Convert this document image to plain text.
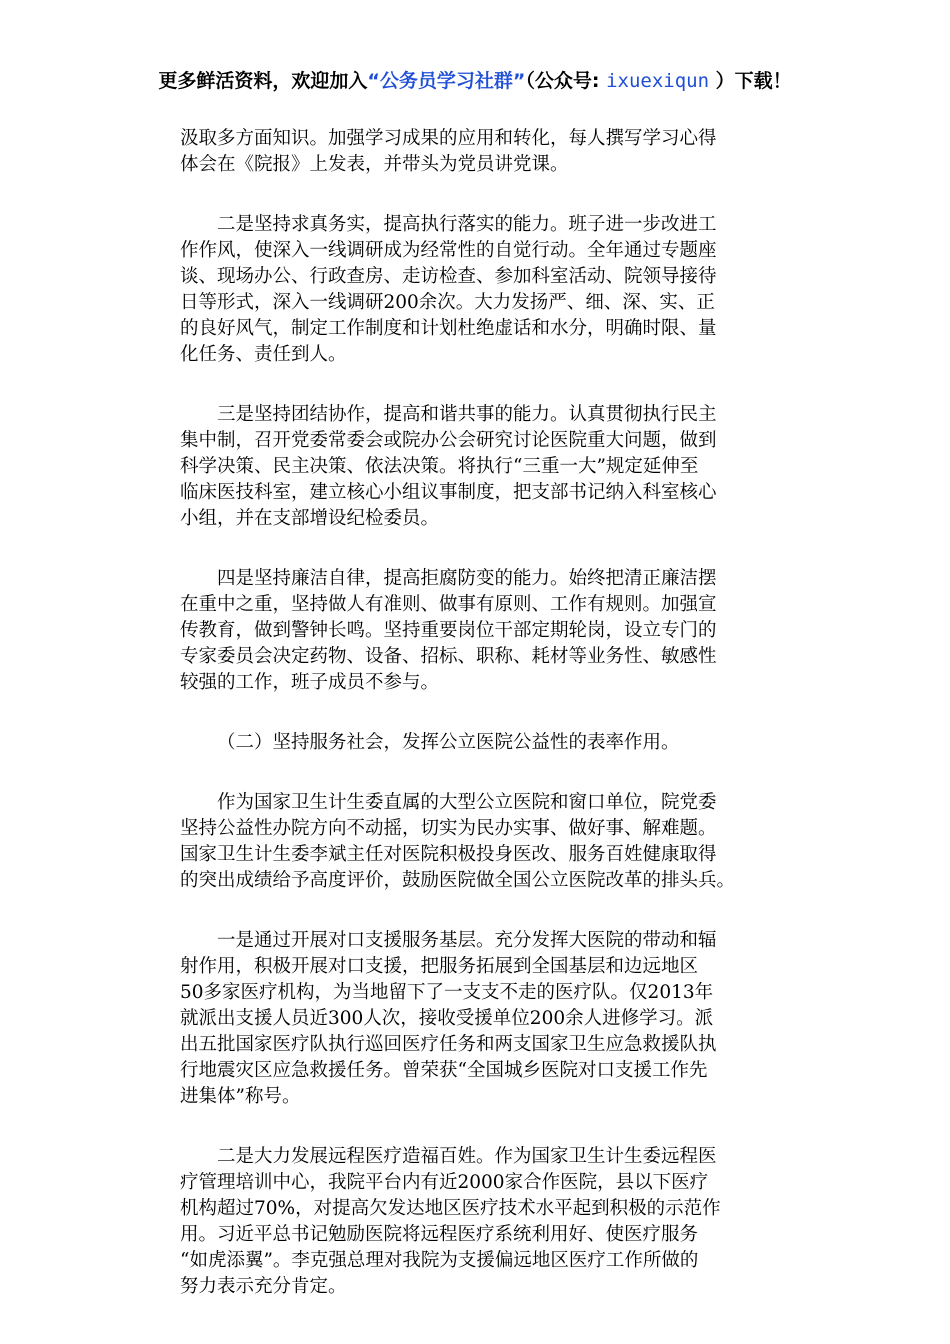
更多鲜活资料，欢迎加入“公务员学习社群”（公众号: ixuexiqun ）下载！

汲取多方面知识。加强学习成果的应用和转化，每人撰写学习心得
体会在《院报》上发表，并带头为党员讲党课。

二是坚持求真务实，提高执行落实的能力。班子进一步改进工
作作风，使深入一线调研成为经常性的自觉行动。全年通过专题座
谈、现场办公、行政查房、走访检查、参加科室活动、院领导接待
日等形式，深入一线调研200余次。大力发扬严、细、深、实、正
的良好风气，制定工作制度和计划杜绝虚话和水分，明确时限、量
化任务、责任到人。

三是坚持团结协作，提高和谐共事的能力。认真贯彻执行民主
集中制，召开党委常委会或院办公会研究讨论医院重大问题，做到
科学决策、民主决策、依法决策。将执行“三重一大”规定延伸至
临床医技科室，建立核心小组议事制度，把支部书记纳入科室核心
小组，并在支部增设纪检委员。

四是坚持廉洁自律，提高拒腐防变的能力。始终把清正廉洁摆
在重中之重，坚持做人有准则、做事有原则、工作有规则。加强宣
传教育，做到警钟长鸣。坚持重要岗位干部定期轮岗，设立专门的
专家委员会决定药物、设备、招标、职称、耗材等业务性、敏感性
较强的工作，班子成员不参与。

（二）坚持服务社会，发挥公立医院公益性的表率作用。

作为国家卫生计生委直属的大型公立医院和窗口单位，院党委
坚持公益性办院方向不动摇，切实为民办实事、做好事、解难题。
国家卫生计生委李斌主任对医院积极投身医改、服务百姓健康取得
的突出成绩给予高度评价，鼓励医院做全国公立医院改革的排头兵。

一是通过开展对口支援服务基层。充分发挥大医院的带动和辐
射作用，积极开展对口支援，把服务拓展到全国基层和边远地区
50多家医疗机构，为当地留下了一支支不走的医疗队。仅2013年
就派出支援人员近300人次，接收受援单位200余人进修学习。派
出五批国家医疗队执行巡回医疗任务和两支国家卫生应急救援队执
行地震灾区应急救援任务。曾荣获“全国城乡医院对口支援工作先
进集体”称号。

二是大力发展远程医疗造福百姓。作为国家卫生计生委远程医
疗管理培训中心，我院平台内有近2000家合作医院，县以下医疗
机构超过70%，对提高欠发达地区医疗技术水平起到积极的示范作
用。习近平总书记勉励医院将远程医疗系统利用好、使医疗服务
“如虎添翼”。李克强总理对我院为支援偏远地区医疗工作所做的
努力表示充分肯定。
